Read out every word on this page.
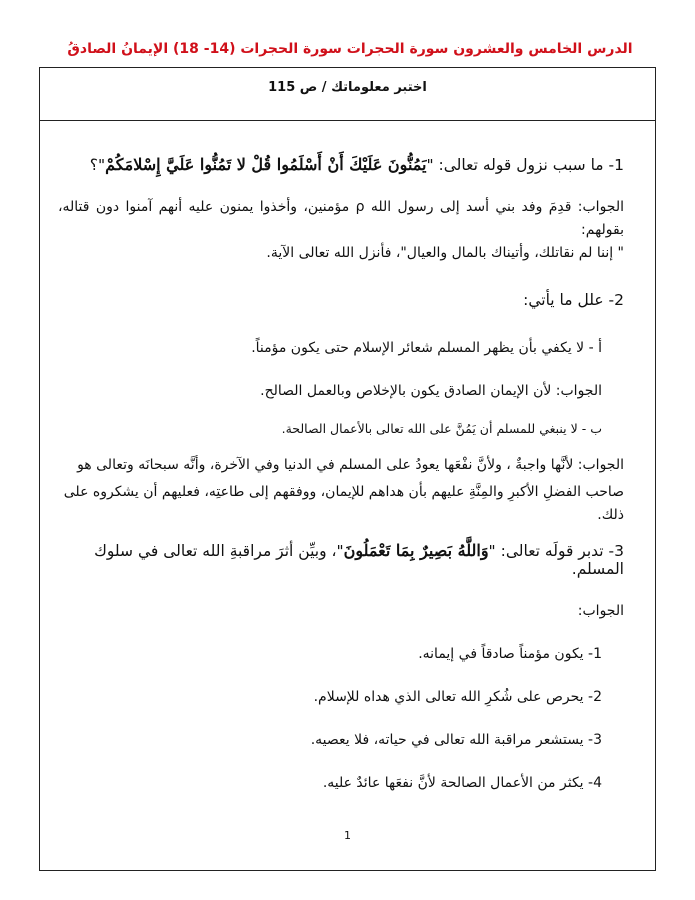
الدرس الخامس والعشرون سورة الحجرات سورة الحجرات (14- 18) الإيمانُ الصادقُ
اختبر معلوماتك / ص 115
1- ما سبب نزول قوله تعالى: "يَمُنُّونَ عَلَيْكَ أَنْ أَسْلَمُوا قُلْ لا تَمُنُّوا عَلَيَّ إِسْلامَكُمْ"؟
الجواب: قدِمَ وفد بني أسد إلى رسول الله ρ مؤمنين، وأخذوا يمنون عليه أنهم آمنوا دون قتاله، بقولهم:
" إننا لم نقاتلك، وأتيناك بالمال والعيال"، فأنزل الله تعالى الآية.
2- علل ما يأتي:
أ - لا يكفي بأن يظهر المسلم شعائر الإسلام حتى يكون مؤمناً.
الجواب: لأن الإيمان الصادق يكون بالإخلاص وبالعمل الصالح.
ب - لا ينبغي للمسلم أن يَمُنَّ على الله تعالى بالأعمال الصالحة.
الجواب: لأنَّها واجبةٌ ، ولأنَّ نفْعَها يعودُ على المسلم في الدنيا وفي الآخرة، وأنَّه سبحانَه وتعالى هو
صاحب الفضلِ الأكبرِ والمِنَّةِ عليهم بأن هداهم للإيمان، ووفقهم إلى طاعتِه، فعليهم أن يشكروه على
ذلك.
3- تدبر قولَه تعالى: "وَاللَّهُ بَصِيرٌ بِمَا تَعْمَلُونَ"، وبيِّن أثرَ مراقبةِ الله تعالى في سلوك المسلم.
الجواب:
1- يكون مؤمناً صادقاً في إيمانه.
2- يحرص على شُكرِ الله تعالى الذي هداه للإسلام.
3- يستشعر مراقبة الله تعالى في حياته، فلا يعصيه.
4- يكثر من الأعمال الصالحة لأنَّ نفعَها عائدٌ عليه.
1
